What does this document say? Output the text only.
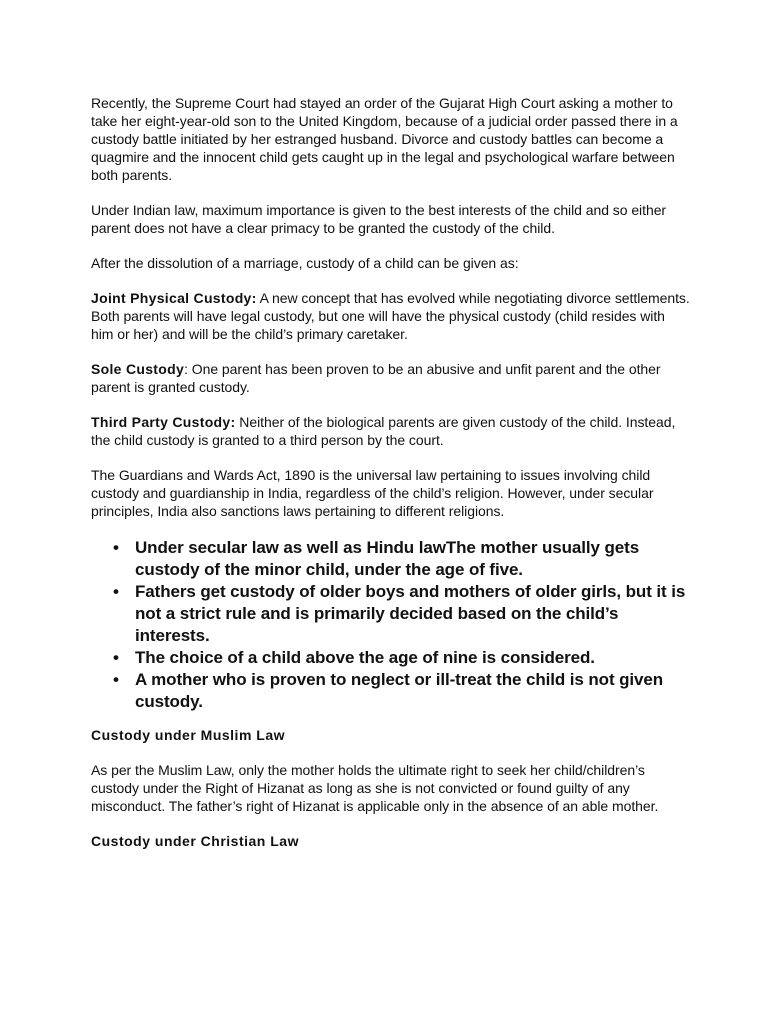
Recently, the Supreme Court had stayed an order of the Gujarat High Court asking a mother to take her eight-year-old son to the United Kingdom, because of a judicial order passed there in a custody battle initiated by her estranged husband. Divorce and custody battles can become a quagmire and the innocent child gets caught up in the legal and psychological warfare between both parents.

Under Indian law, maximum importance is given to the best interests of the child and so either parent does not have a clear primacy to be granted the custody of the child.

After the dissolution of a marriage, custody of a child can be given as:

Joint Physical Custody: A new concept that has evolved while negotiating divorce settlements. Both parents will have legal custody, but one will have the physical custody (child resides with him or her) and will be the child’s primary caretaker.

Sole Custody: One parent has been proven to be an abusive and unfit parent and the other parent is granted custody.

Third Party Custody: Neither of the biological parents are given custody of the child. Instead, the child custody is granted to a third person by the court.

The Guardians and Wards Act, 1890 is the universal law pertaining to issues involving child custody and guardianship in India, regardless of the child’s religion. However, under secular principles, India also sanctions laws pertaining to different religions.

• Under secular law as well as Hindu lawThe mother usually gets custody of the minor child, under the age of five.
• Fathers get custody of older boys and mothers of older girls, but it is not a strict rule and is primarily decided based on the child’s interests.
• The choice of a child above the age of nine is considered.
• A mother who is proven to neglect or ill-treat the child is not given custody.

Custody under Muslim Law

As per the Muslim Law, only the mother holds the ultimate right to seek her child/children’s custody under the Right of Hizanat as long as she is not convicted or found guilty of any misconduct. The father’s right of Hizanat is applicable only in the absence of an able mother.

Custody under Christian Law
